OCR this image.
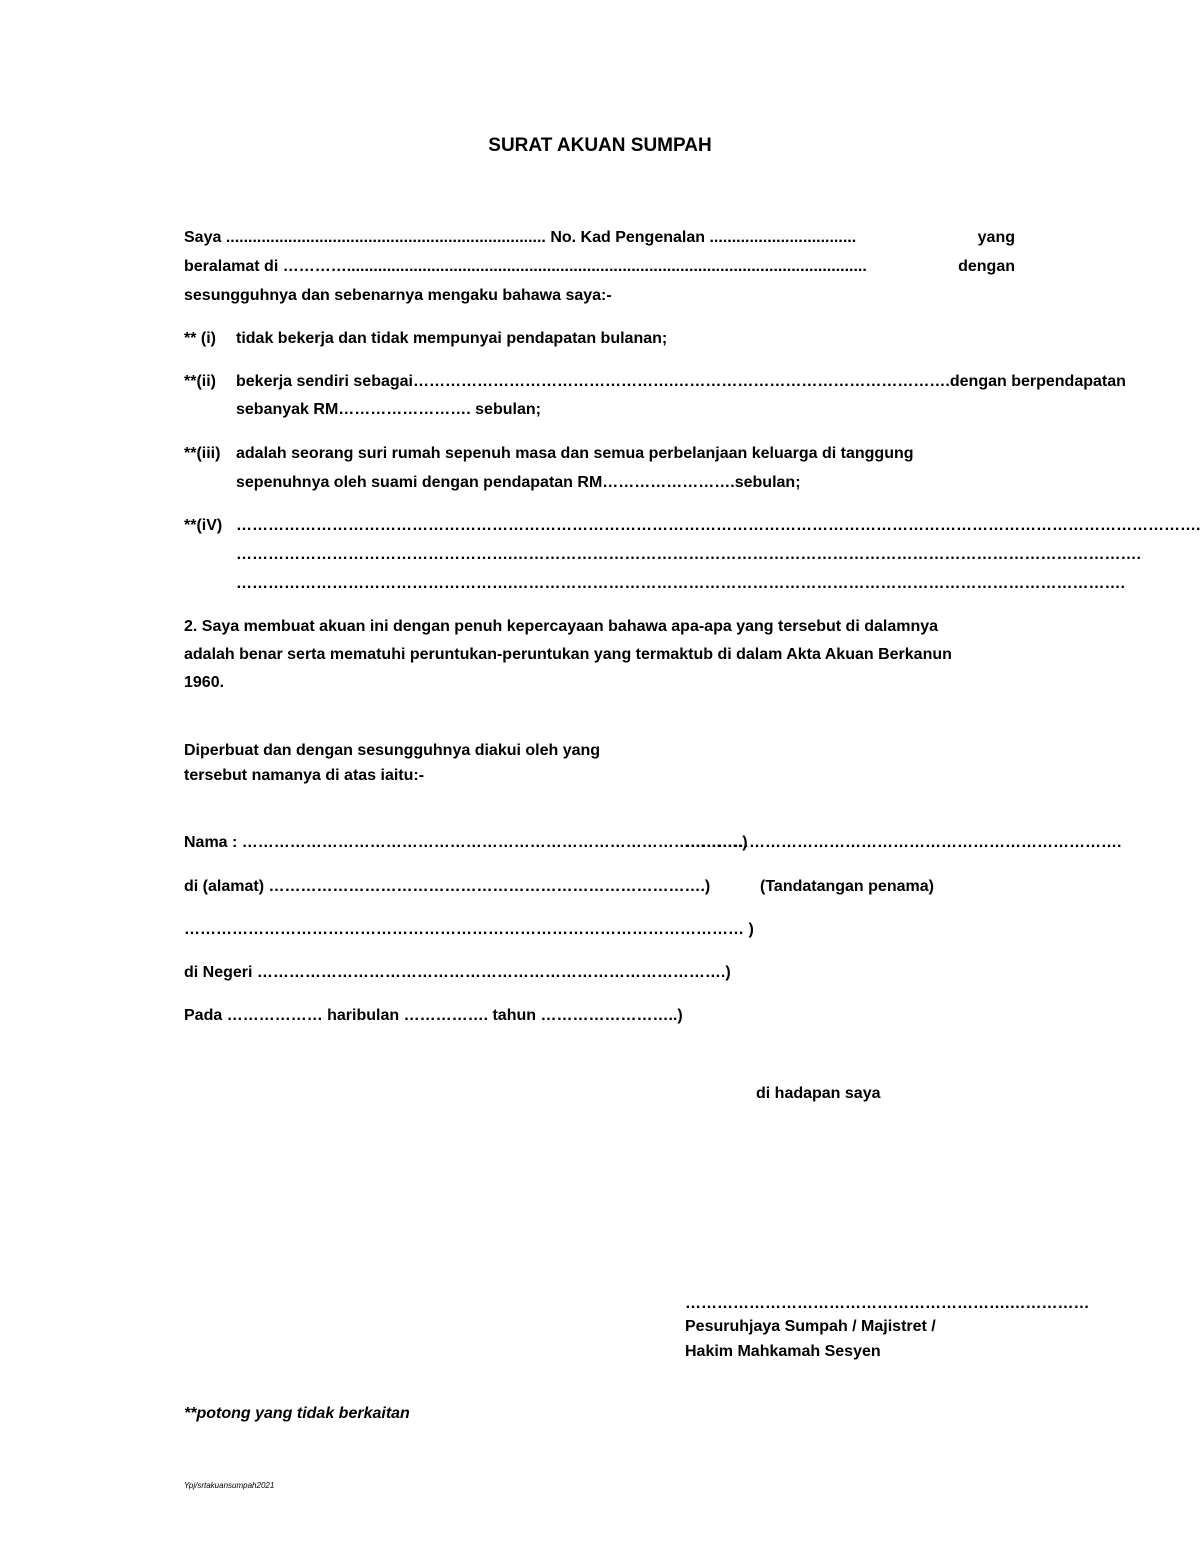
SURAT AKUAN SUMPAH
Saya ........................................................................ No. Kad Pengenalan .................................	yang
beralamat di ………….....................................................................................................................	dengan
sesungguhnya dan sebenarnya mengaku bahawa saya:-
** (i) tidak bekerja dan tidak mempunyai pendapatan bulanan;
**(ii) bekerja sendiri sebagai………………………………………….……………………………………………. dengan berpendapatan
sebanyak RM……………………. sebulan;
**(iii) adalah seorang suri rumah sepenuh masa dan semua perbelanjaan keluarga di tanggung
sepenuhnya oleh suami dengan pendapatan RM…………………….sebulan;
**(iV) ……………………………………………………………………………………………………………………………………………………………….
…………………………………………….……………………………………………………………………………………………………….
…………………………………………….…………………………………………………………………………………………………….
2. Saya membuat akuan ini dengan penuh kepercayaan bahawa apa-apa yang tersebut di dalamnya
adalah benar serta mematuhi peruntukan-peruntukan yang termaktub di dalam Akta Akuan Berkanun
1960.
Diperbuat dan dengan sesungguhnya diakui oleh yang
tersebut namanya di atas iaitu:-
Nama : ………………………………………………………………………………….)
……………………………………………………………………….
di (alamat) ……………………………………………………………………….)	(Tandatangan penama)
…………………………………………………………………………………………… )
di Negeri …………………………………………………………………………….)
Pada ……………… haribulan ……………. tahun ……………………..)
di hadapan saya
…………………………………………………….……………
Pesuruhjaya Sumpah / Majistret /
Hakim Mahkamah Sesyen
**potong yang tidak berkaitan
Ypj/srtakuansumpah2021
